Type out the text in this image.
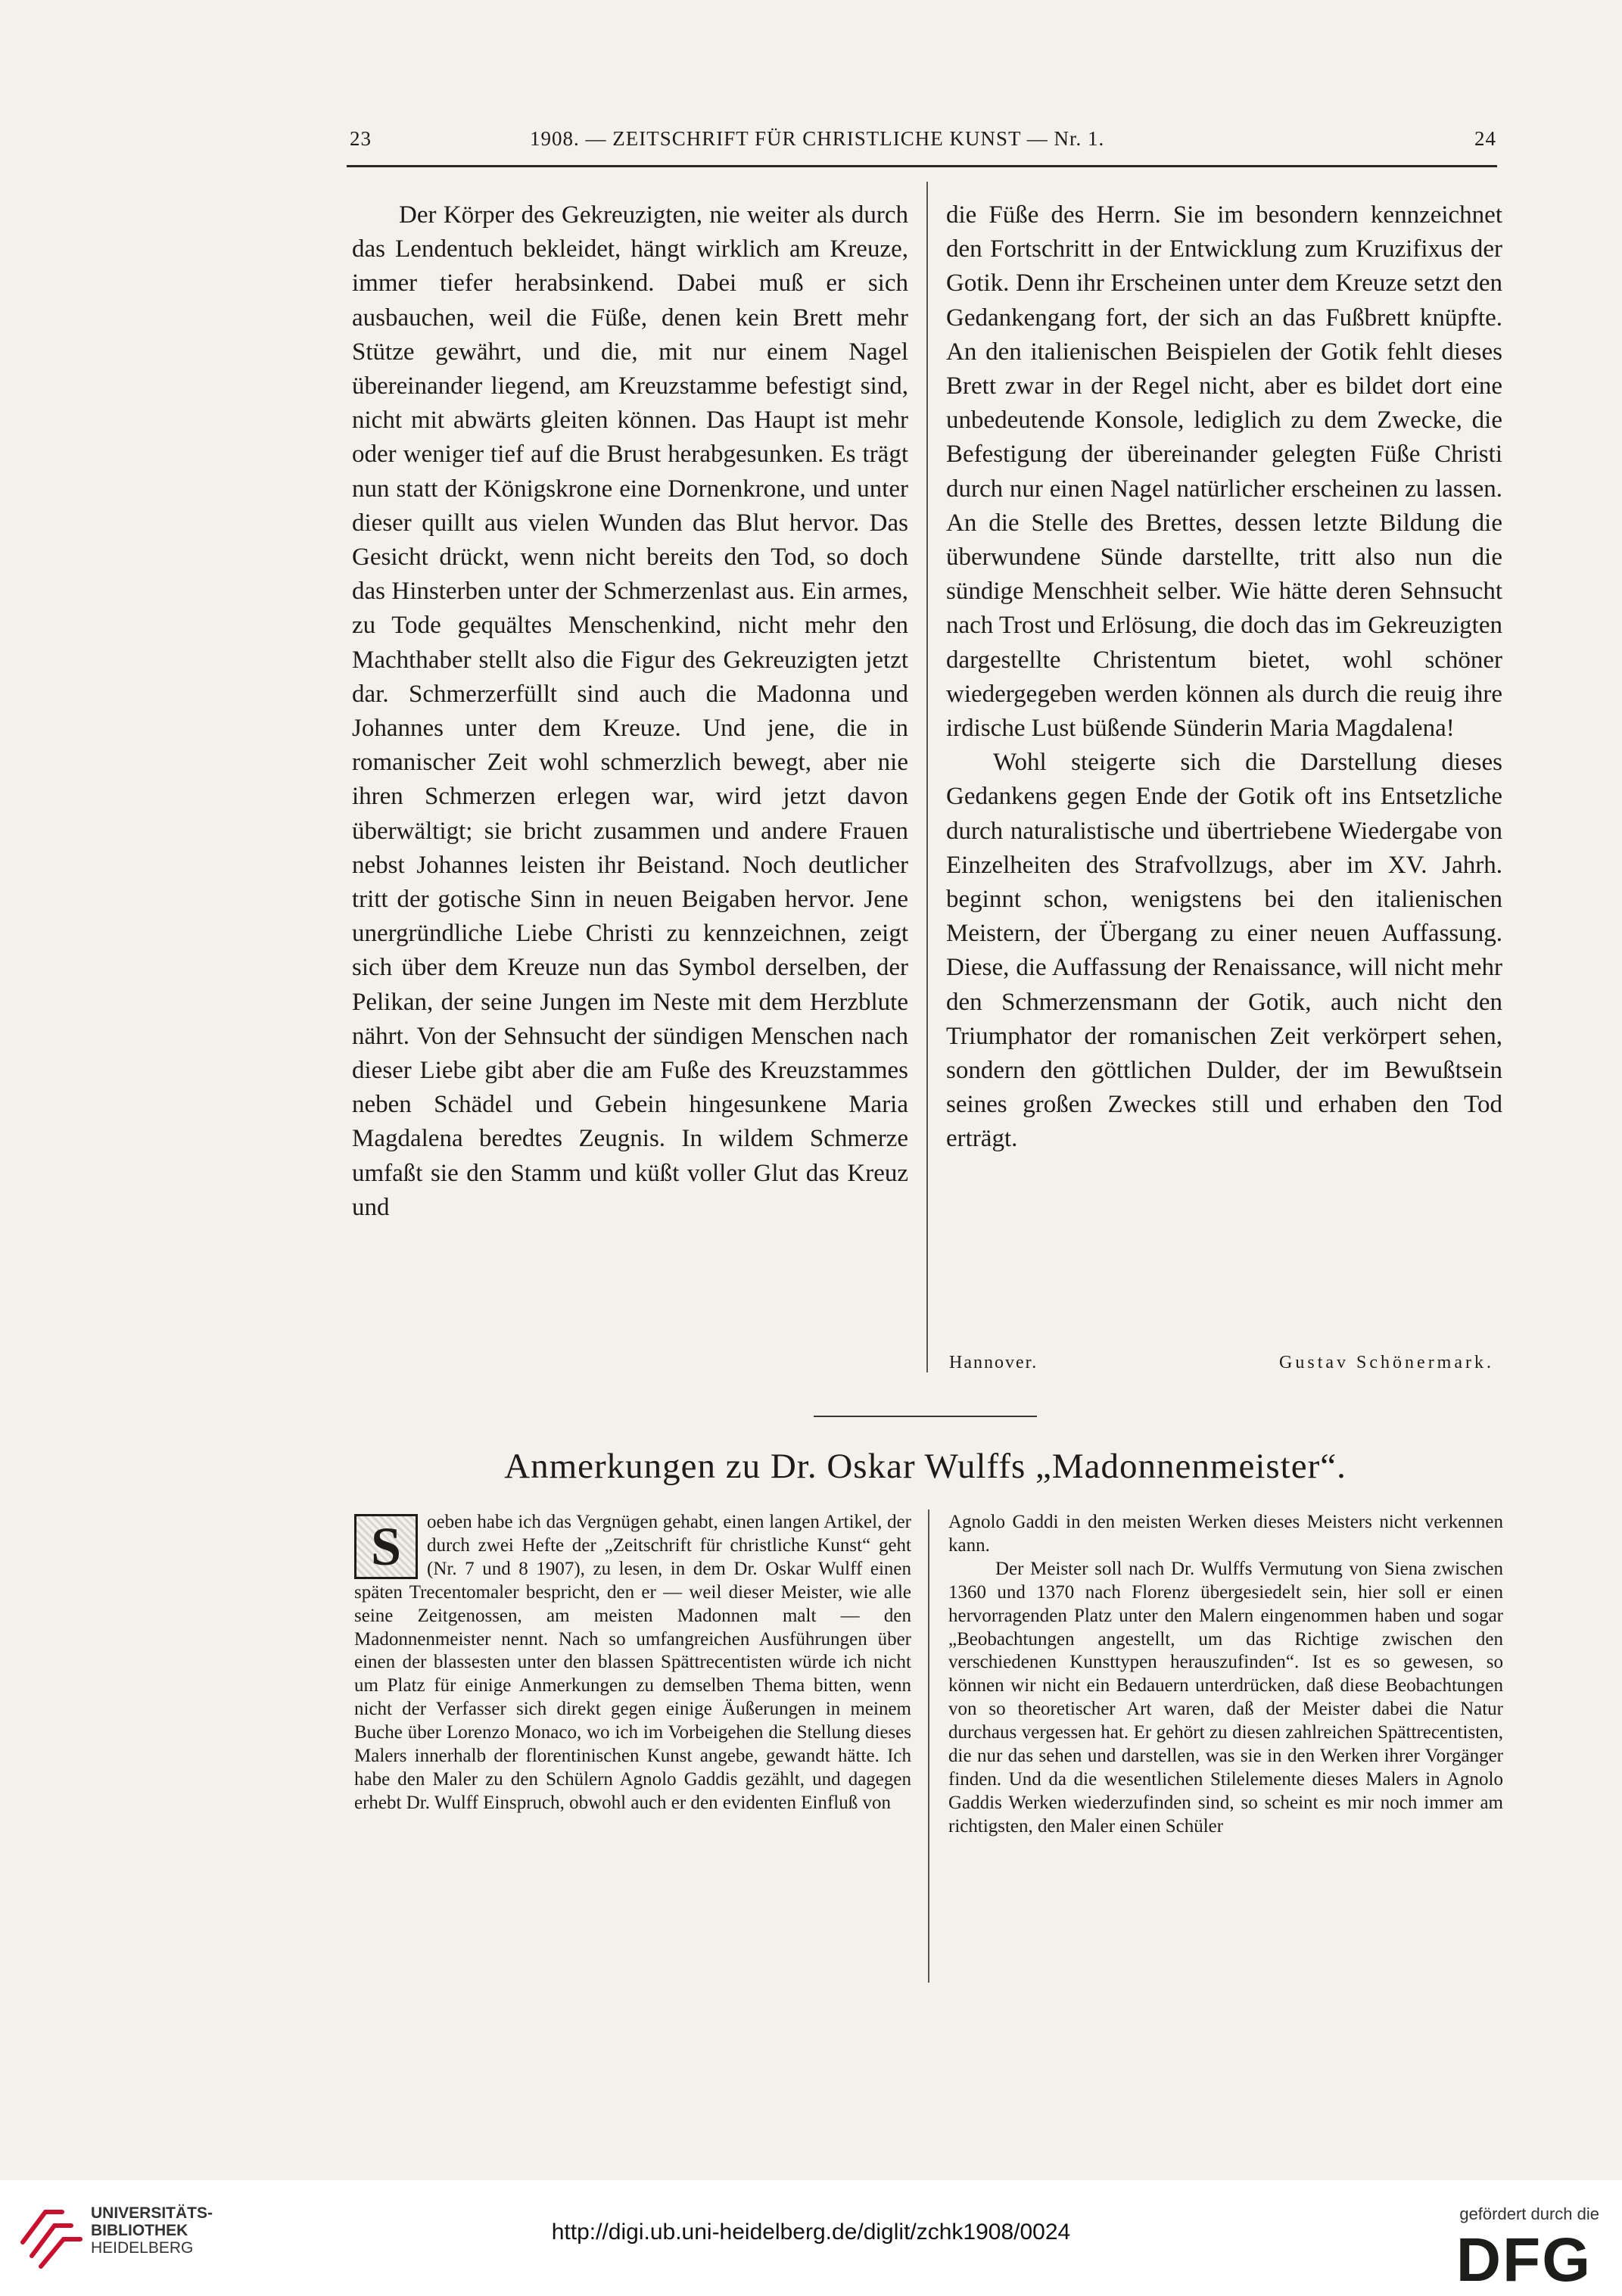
23	1908. — ZEITSCHRIFT FÜR CHRISTLICHE KUNST — Nr. 1.	24

Der Körper des Gekreuzigten, nie weiter als durch das Lendentuch bekleidet, hängt wirklich am Kreuze, immer tiefer herabsinkend. Dabei muß er sich ausbauchen, weil die Füße, denen kein Brett mehr Stütze gewährt, und die, mit nur einem Nagel übereinander liegend, am Kreuzstamme befestigt sind, nicht mit abwärts gleiten können. Das Haupt ist mehr oder weniger tief auf die Brust herabgesunken. Es trägt nun statt der Königskrone eine Dornenkrone, und unter dieser quillt aus vielen Wunden das Blut hervor. Das Gesicht drückt, wenn nicht bereits den Tod, so doch das Hinsterben unter der Schmerzenlast aus. Ein armes, zu Tode gequältes Menschenkind, nicht mehr den Machthaber stellt also die Figur des Gekreuzigten jetzt dar. Schmerzerfüllt sind auch die Madonna und Johannes unter dem Kreuze. Und jene, die in romanischer Zeit wohl schmerzlich bewegt, aber nie ihren Schmerzen erlegen war, wird jetzt davon überwältigt; sie bricht zusammen und andere Frauen nebst Johannes leisten ihr Beistand. Noch deutlicher tritt der gotische Sinn in neuen Beigaben hervor. Jene unergründliche Liebe Christi zu kennzeichnen, zeigt sich über dem Kreuze nun das Symbol derselben, der Pelikan, der seine Jungen im Neste mit dem Herzblute nährt. Von der Sehnsucht der sündigen Menschen nach dieser Liebe gibt aber die am Fuße des Kreuzstammes neben Schädel und Gebein hingesunkene Maria Magdalena beredtes Zeugnis. In wildem Schmerze umfaßt sie den Stamm und küßt voller Glut das Kreuz und

die Füße des Herrn. Sie im besondern kennzeichnet den Fortschritt in der Entwicklung zum Kruzifixus der Gotik. Denn ihr Erscheinen unter dem Kreuze setzt den Gedankengang fort, der sich an das Fußbrett knüpfte. An den italienischen Beispielen der Gotik fehlt dieses Brett zwar in der Regel nicht, aber es bildet dort eine unbedeutende Konsole, lediglich zu dem Zwecke, die Befestigung der übereinander gelegten Füße Christi durch nur einen Nagel natürlicher erscheinen zu lassen. An die Stelle des Brettes, dessen letzte Bildung die überwundene Sünde darstellte, tritt also nun die sündige Menschheit selber. Wie hätte deren Sehnsucht nach Trost und Erlösung, die doch das im Gekreuzigten dargestellte Christentum bietet, wohl schöner wiedergegeben werden können als durch die reuig ihre irdische Lust büßende Sünderin Maria Magdalena!

Wohl steigerte sich die Darstellung dieses Gedankens gegen Ende der Gotik oft ins Entsetzliche durch naturalistische und übertriebene Wiedergabe von Einzelheiten des Strafvollzugs, aber im XV. Jahrh. beginnt schon, wenigstens bei den italienischen Meistern, der Übergang zu einer neuen Auffassung. Diese, die Auffassung der Renaissance, will nicht mehr den Schmerzensmann der Gotik, auch nicht den Triumphator der romanischen Zeit verkörpert sehen, sondern den göttlichen Dulder, der im Bewußtsein seines großen Zweckes still und erhaben den Tod erträgt.

Hannover.	Gustav Schönermark.
Anmerkungen zu Dr. Oskar Wulffs „Madonnenmeister“.
S	oeben habe ich das Vergnügen gehabt, einen langen Artikel, der durch zwei Hefte der „Zeitschrift für christliche Kunst“ geht (Nr. 7 und 8 1907), zu lesen, in dem Dr. Oskar Wulff einen späten Trecentomaler bespricht, den er — weil dieser Meister, wie alle seine Zeitgenossen, am meisten Madonnen malt — den Madonnenmeister nennt. Nach so umfangreichen Ausführungen über einen der blassesten unter den blassen Spättrecentisten würde ich nicht um Platz für einige Anmerkungen zu demselben Thema bitten, wenn nicht der Verfasser sich direkt gegen einige Äußerungen in meinem Buche über Lorenzo Monaco, wo ich im Vorbeigehen die Stellung dieses Malers innerhalb der florentinischen Kunst angebe, gewandt hätte. Ich habe den Maler zu den Schülern Agnolo Gaddis gezählt, und dagegen erhebt Dr. Wulff Einspruch, obwohl auch er den evidenten Einfluß von

Agnolo Gaddi in den meisten Werken dieses Meisters nicht verkennen kann.

Der Meister soll nach Dr. Wulffs Vermutung von Siena zwischen 1360 und 1370 nach Florenz übergesiedelt sein, hier soll er einen hervorragenden Platz unter den Malern eingenommen haben und sogar „Beobachtungen angestellt, um das Richtige zwischen den verschiedenen Kunsttypen herauszufinden“. Ist es so gewesen, so können wir nicht ein Bedauern unterdrücken, daß diese Beobachtungen von so theoretischer Art waren, daß der Meister dabei die Natur durchaus vergessen hat. Er gehört zu diesen zahlreichen Spättrecentisten, die nur das sehen und darstellen, was sie in den Werken ihrer Vorgänger finden. Und da die wesentlichen Stilelemente dieses Malers in Agnolo Gaddis Werken wiederzufinden sind, so scheint es mir noch immer am richtigsten, den Maler einen Schüler

UNIVERSITÄTS-
BIBLIOTHEK
HEIDELBERG
http://digi.ub.uni-heidelberg.de/diglit/zchk1908/0024
gefördert durch die
DFG
